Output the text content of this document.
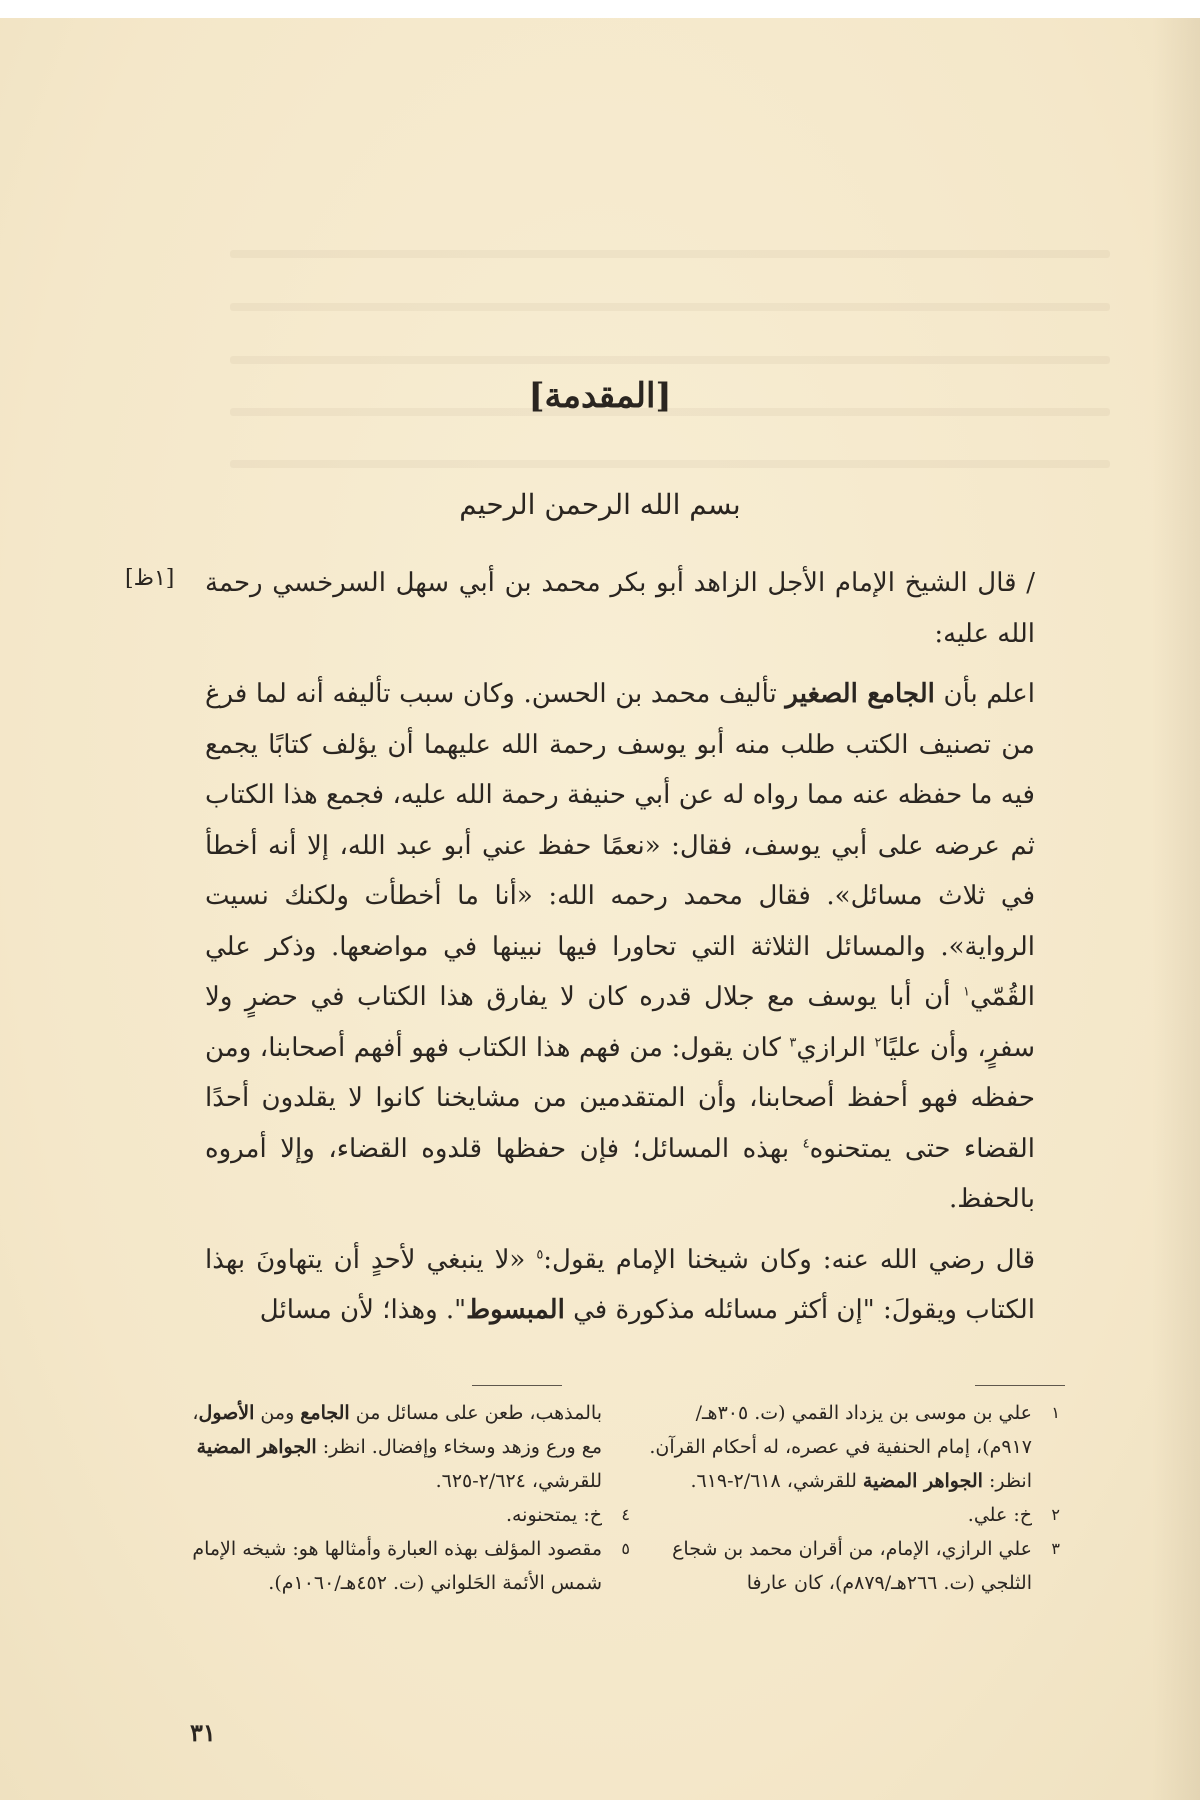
[المقدمة]
بسم الله الرحمن الرحيم
[١ظ] / قال الشيخ الإمام الأجل الزاهد أبو بكر محمد بن أبي سهل السرخسي رحمة الله عليه:

اعلم بأن الجامع الصغير تأليف محمد بن الحسن. وكان سبب تأليفه أنه لما فرغ من تصنيف الكتب طلب منه أبو يوسف رحمة الله عليهما أن يؤلف كتابًا يجمع فيه ما حفظه عنه مما رواه له عن أبي حنيفة رحمة الله عليه، فجمع هذا الكتاب ثم عرضه على أبي يوسف، فقال: «نعمًا حفظ عني أبو عبد الله، إلا أنه أخطأ في ثلاث مسائل». فقال محمد رحمه الله: «أنا ما أخطأت ولكنك نسيت الرواية». والمسائل الثلاثة التي تحاورا فيها نبينها في مواضعها. وذكر علي القُمّي$^١$ أن أبا يوسف مع جلال قدره كان لا يفارق هذا الكتاب في حضرٍ ولا سفرٍ، وأن عليًا$^٢$ الرازي$^٣$ كان يقول: من فهم هذا الكتاب فهو أفهم أصحابنا، ومن حفظه فهو أحفظ أصحابنا، وأن المتقدمين من مشايخنا كانوا لا يقلدون أحدًا القضاء حتى يمتحنوه$^٤$ بهذه المسائل؛ فإن حفظها قلدوه القضاء، وإلا أمروه بالحفظ.

قال رضي الله عنه: وكان شيخنا الإمام يقول:$^٥$ «لا ينبغي لأحدٍ أن يتهاونَ بهذا الكتاب ويقولَ: "إن أكثر مسائله مذكورة في المبسوط". وهذا؛ لأن مسائل

١
علي بن موسى بن يزداد القمي (ت. ٣٠٥هـ/ ٩١٧م)، إمام الحنفية في عصره، له أحكام القرآن. انظر: الجواهر المضية للقرشي، ٢/٦١٨-٦١٩.
٢
خ: علي.
٣
علي الرازي، الإمام، من أقران محمد بن شجاع الثلجي (ت. ٢٦٦هـ/٨٧٩م)، كان عارفا
بالمذهب، طعن على مسائل من الجامع ومن الأصول، مع ورع وزهد وسخاء وإفضال. انظر: الجواهر المضية للقرشي، ٢/٦٢٤-٦٢٥.
٤
خ: يمتحنونه.
٥
مقصود المؤلف بهذه العبارة وأمثالها هو: شيخه الإمام شمس الأئمة الحَلواني (ت. ٤٥٢هـ/١٠٦٠م).
٣١
